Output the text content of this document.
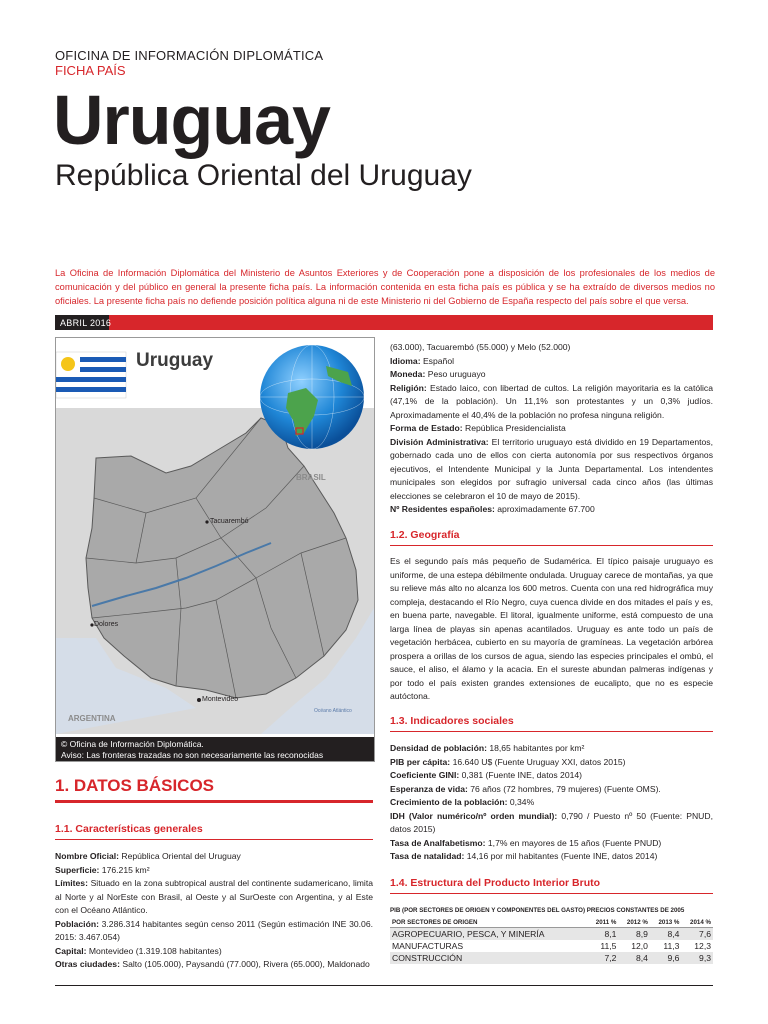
OFICINA DE INFORMACIÓN DIPLOMÁTICA
FICHA PAÍS
Uruguay
República Oriental del Uruguay
La Oficina de Información Diplomática del Ministerio de Asuntos Exteriores y de Cooperación pone a disposición de los profesionales de los medios de comunicación y del público en general la presente ficha país. La información contenida en esta ficha país es pública y se ha extraído de diversos medios no oficiales. La presente ficha país no defiende posición política alguna ni de este Ministerio ni del Gobierno de España respecto del país sobre el que versa.
ABRIL 2016
Uruguay
BRASIL
ARGENTINA
Tacuarembó
Dolores
Montevideo
Océano Atlántico
© Oficina de Información Diplomática.
Aviso: Las fronteras trazadas no son necesariamente las reconocidas oficialmente.
1. DATOS BÁSICOS
1.1. Características generales
Nombre Oficial: República Oriental del Uruguay
Superficie: 176.215 km²
Límites: Situado en la zona subtropical austral del continente sudamericano, limita al Norte y al NorEste con Brasil, al Oeste y al SurOeste con Argentina, y al Este con el Océano Atlántico.
Población: 3.286.314 habitantes según censo 2011 (Según estimación INE 30.06. 2015: 3.467.054)
Capital: Montevideo (1.319.108 habitantes)
Otras ciudades: Salto (105.000), Paysandú (77.000), Rivera (65.000), Maldonado
(63.000), Tacuarembó (55.000) y Melo (52.000)
Idioma: Español
Moneda: Peso uruguayo
Religión: Estado laico, con libertad de cultos. La religión mayoritaria es la católica (47,1% de la población). Un 11,1% son protestantes y un 0,3% judíos. Aproximadamente el 40,4% de la población no profesa ninguna religión.
Forma de Estado: República Presidencialista
División Administrativa: El territorio uruguayo está dividido en 19 Departamentos, gobernado cada uno de ellos con cierta autonomía por sus respectivos órganos ejecutivos, el Intendente Municipal y la Junta Departamental. Los intendentes municipales son elegidos por sufragio universal cada cinco años (las últimas elecciones se celebraron el 10 de mayo de 2015).
Nº Residentes españoles: aproximadamente 67.700
1.2. Geografía
Es el segundo país más pequeño de Sudamérica. El típico paisaje uruguayo es uniforme, de una estepa débilmente ondulada. Uruguay carece de montañas, ya que su relieve más alto no alcanza los 600 metros. Cuenta con una red hidrográfica muy compleja, destacando el Río Negro, cuya cuenca divide en dos mitades el país y es, en buena parte, navegable. El litoral, igualmente uniforme, está compuesto de una larga línea de playas sin apenas acantilados. Uruguay es ante todo un país de vegetación herbácea, cubierto en su mayoría de gramíneas. La vegetación arbórea prospera a orillas de los cursos de agua, siendo las especies principales el ombú, el sauce, el aliso, el álamo y la acacia. En el sureste abundan palmeras indígenas y por todo el país existen grandes extensiones de eucalipto, que no es especie autóctona.
1.3. Indicadores sociales
Densidad de población: 18,65 habitantes por km²
PIB per cápita: 16.640 U$ (Fuente Uruguay XXI, datos 2015)
Coeficiente GINI: 0,381 (Fuente INE, datos 2014)
Esperanza de vida: 76 años (72 hombres, 79 mujeres) (Fuente OMS).
Crecimiento de la población: 0,34%
IDH (Valor numérico/nº orden mundial): 0,790 / Puesto nº 50 (Fuente: PNUD, datos 2015)
Tasa de Analfabetismo: 1,7% en mayores de 15 años (Fuente PNUD)
Tasa de natalidad: 14,16 por mil habitantes (Fuente INE, datos 2014)
1.4. Estructura del Producto Interior Bruto
PIB (POR SECTORES DE ORIGEN Y COMPONENTES DEL GASTO) PRECIOS CONSTANTES DE 2005
POR SECTORES DE ORIGEN	2011 %	2012 %	2013 %	2014 %
AGROPECUARIO, PESCA, Y MINERÍA	8,1	8,9	8,4	7,6
MANUFACTURAS	11,5	12,0	11,3	12,3
CONSTRUCCIÓN	7,2	8,4	9,6	9,3
